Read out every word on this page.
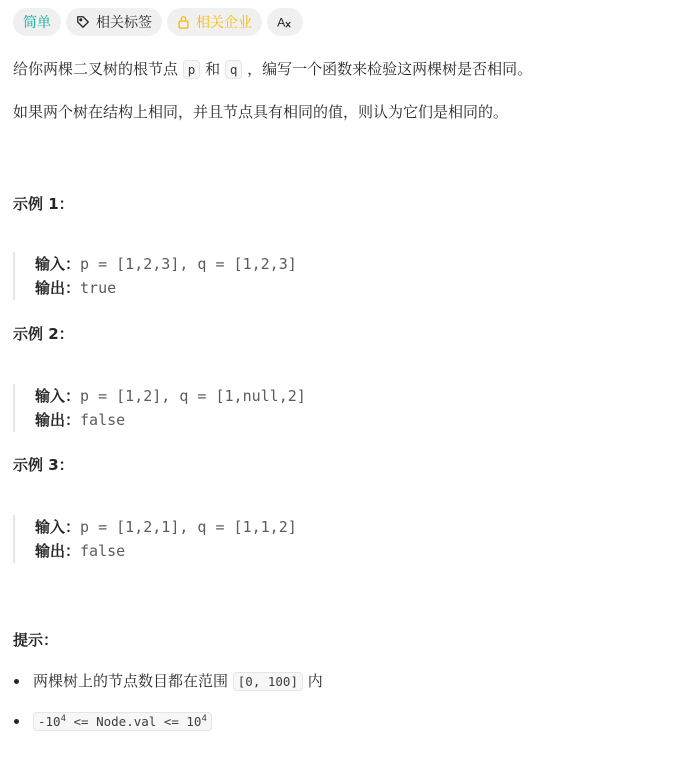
简单	相关标签	相关企业 A
给你两棵二叉树的根节点 p 和 q ，编写一个函数来检验这两棵树是否相同。
如果两个树在结构上相同，并且节点具有相同的值，则认为它们是相同的。
示例 1：
输入：p = [1,2,3], q = [1,2,3]
输出：true
示例 2：
输入：p = [1,2], q = [1,null,2]
输出：false
示例 3：
输入：p = [1,2,1], q = [1,1,2]
输出：false
提示：
两棵树上的节点数目都在范围 [0, 100] 内
$-10^4$ <= Node.val <= $10^4$
